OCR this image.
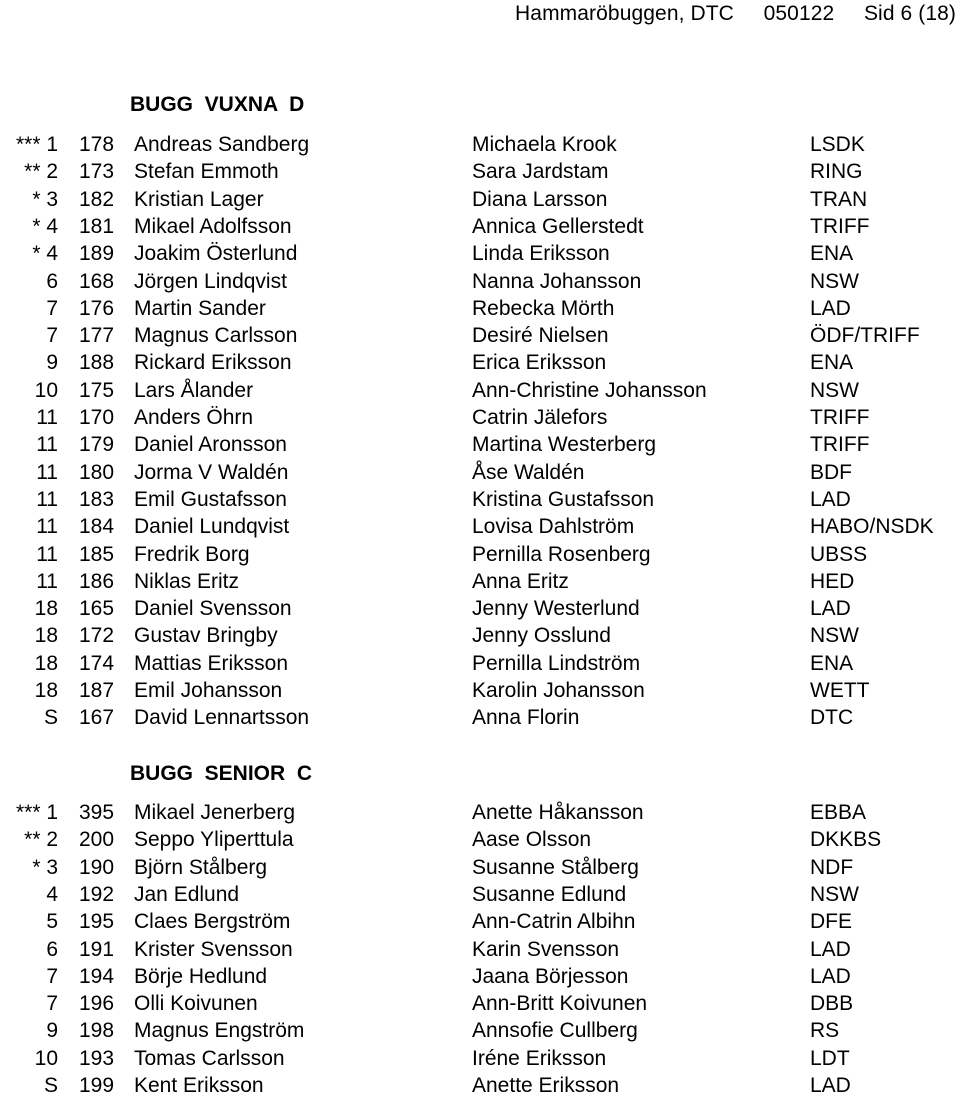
Hammaröbuggen, DTC     050122     Sid 6 (18)
BUGG  VUXNA  D
*** 1 178 Andreas Sandberg	Michaela Krook	LSDK
** 2 173 Stefan Emmoth	Sara Jardstam	RING
* 3 182 Kristian Lager	Diana Larsson	TRAN
* 4 181 Mikael Adolfsson	Annica Gellerstedt	TRIFF
* 4 189 Joakim Österlund	Linda Eriksson	ENA
6 168 Jörgen Lindqvist	Nanna Johansson	NSW
7 176 Martin Sander	Rebecka Mörth	LAD
7 177 Magnus Carlsson	Desiré Nielsen	ÖDF/TRIFF
9 188 Rickard Eriksson	Erica Eriksson	ENA
10 175 Lars Ålander	Ann-Christine Johansson	NSW
11 170 Anders Öhrn	Catrin Jälefors	TRIFF
11 179 Daniel Aronsson	Martina Westerberg	TRIFF
11 180 Jorma V Waldén	Åse Waldén	BDF
11 183 Emil Gustafsson	Kristina Gustafsson	LAD
11 184 Daniel Lundqvist	Lovisa Dahlström	HABO/NSDK
11 185 Fredrik Borg	Pernilla Rosenberg	UBSS
11 186 Niklas Eritz	Anna Eritz	HED
18 165 Daniel Svensson	Jenny Westerlund	LAD
18 172 Gustav Bringby	Jenny Osslund	NSW
18 174 Mattias Eriksson	Pernilla Lindström	ENA
18 187 Emil Johansson	Karolin Johansson	WETT
S 167 David Lennartsson	Anna Florin	DTC
BUGG  SENIOR  C
*** 1 395 Mikael Jenerberg	Anette Håkansson	EBBA
** 2 200 Seppo Yliperttula	Aase Olsson	DKKBS
* 3 190 Björn Stålberg	Susanne Stålberg	NDF
4 192 Jan Edlund	Susanne Edlund	NSW
5 195 Claes Bergström	Ann-Catrin Albihn	DFE
6 191 Krister Svensson	Karin Svensson	LAD
7 194 Börje Hedlund	Jaana Börjesson	LAD
7 196 Olli Koivunen	Ann-Britt Koivunen	DBB
9 198 Magnus Engström	Annsofie Cullberg	RS
10 193 Tomas Carlsson	Iréne Eriksson	LDT
S 199 Kent Eriksson	Anette Eriksson	LAD
